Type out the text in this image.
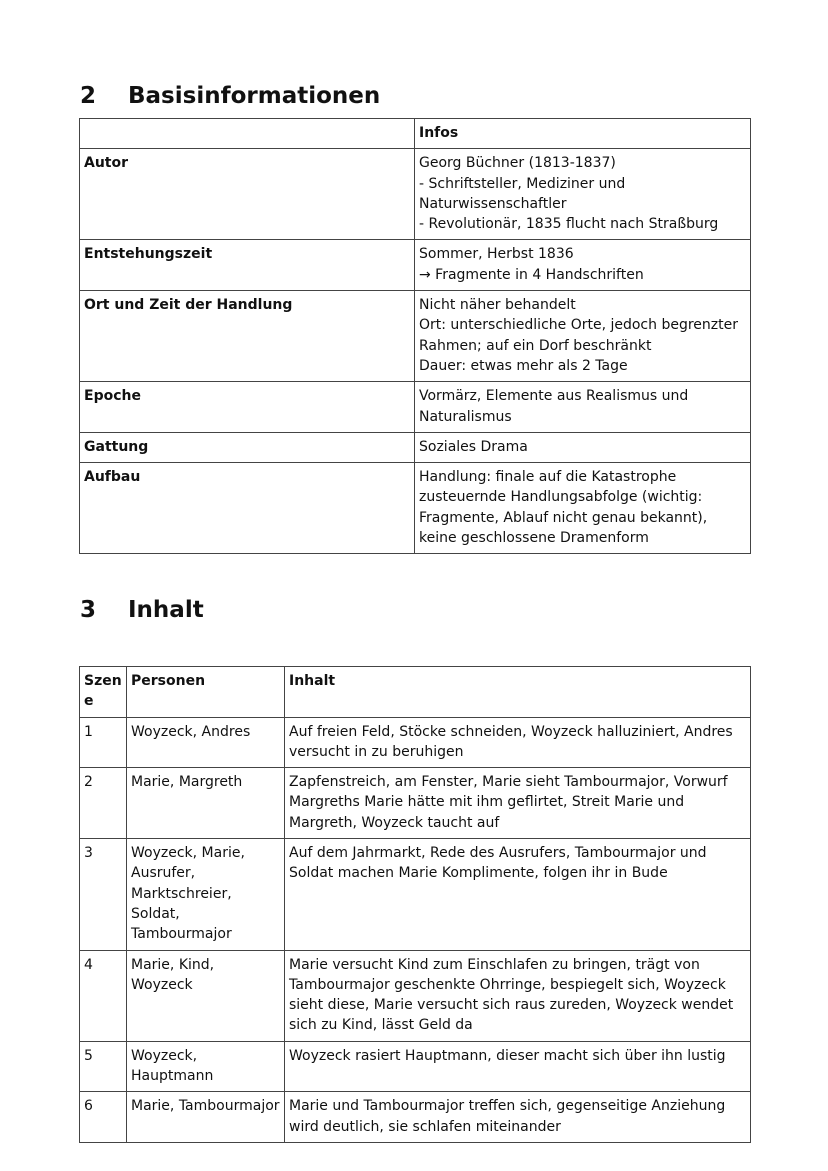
2	Basisinformationen
	Infos
Autor	Georg Büchner (1813-1837)
- Schriftsteller, Mediziner und Naturwissenschaftler
- Revolutionär, 1835 flucht nach Straßburg
Entstehungszeit	Sommer, Herbst 1836
→ Fragmente in 4 Handschriften
Ort und Zeit der Handlung	Nicht näher behandelt
Ort: unterschiedliche Orte, jedoch begrenzter Rahmen; auf ein Dorf beschränkt
Dauer: etwas mehr als 2 Tage
Epoche	Vormärz, Elemente aus Realismus und Naturalismus
Gattung	Soziales Drama
Aufbau	Handlung: finale auf die Katastrophe zusteuernde Handlungsabfolge (wichtig: Fragmente, Ablauf nicht genau bekannt), keine geschlossene Dramenform
3	Inhalt
Szen
e	Personen	Inhalt
1	Woyzeck, Andres	Auf freien Feld, Stöcke schneiden, Woyzeck halluziniert, Andres versucht in zu beruhigen
2	Marie, Margreth	Zapfenstreich, am Fenster, Marie sieht Tambourmajor, Vorwurf Margreths Marie hätte mit ihm geflirtet, Streit Marie und Margreth, Woyzeck taucht auf
3	Woyzeck, Marie,
Ausrufer,
Marktschreier, Soldat,
Tambourmajor	Auf dem Jahrmarkt, Rede des Ausrufers, Tambourmajor und Soldat machen Marie Komplimente, folgen ihr in Bude
4	Marie, Kind, Woyzeck	Marie versucht Kind zum Einschlafen zu bringen, trägt von Tambourmajor geschenkte Ohrringe, bespiegelt sich, Woyzeck sieht diese, Marie versucht sich raus zureden, Woyzeck wendet sich zu Kind, lässt Geld da
5	Woyzeck, Hauptmann	Woyzeck rasiert Hauptmann, dieser macht sich über ihn lustig
6	Marie, Tambourmajor	Marie und Tambourmajor treffen sich, gegenseitige Anziehung wird deutlich, sie schlafen miteinander
